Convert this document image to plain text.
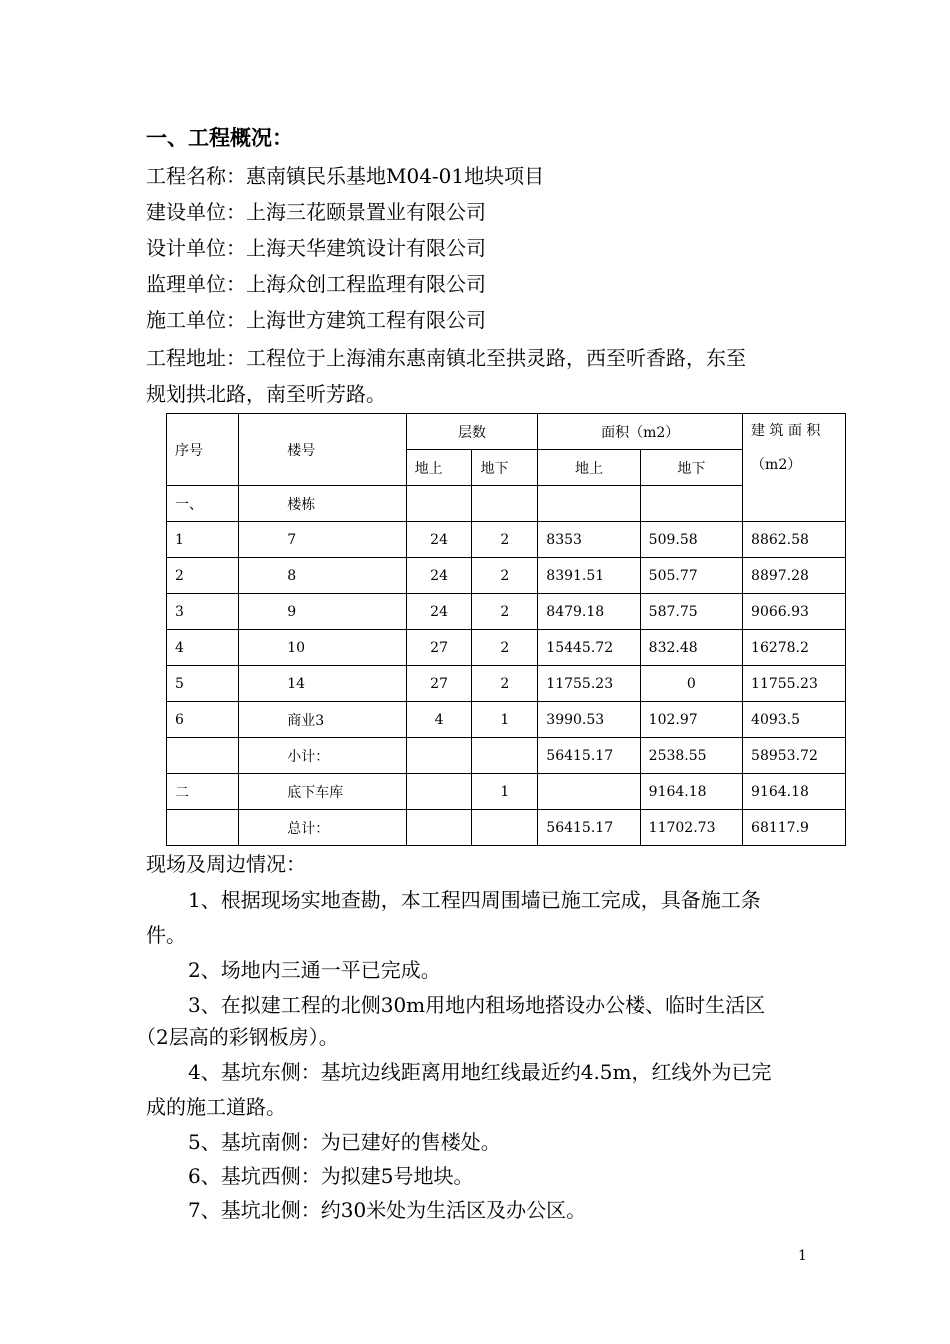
一、工程概况：
工程名称：惠南镇民乐基地M04-01地块项目
建设单位：上海三花颐景置业有限公司
设计单位：上海天华建筑设计有限公司
监理单位：上海众创工程监理有限公司
施工单位：上海世方建筑工程有限公司
工程地址：工程位于上海浦东惠南镇北至拱灵路，西至听香路，东至
规划拱北路，南至听芳路。
序号	楼号	层数		面积（m2）		建 筑 面 积
（m2）

		地上	地下	地上	地下	
一、	楼栋					
1	7	24	2	8353	509.58	8862.58
2	8	24	2	8391.51	505.77	8897.28
3	9	24	2	8479.18	587.75	9066.93
4	10	27	2	15445.72	832.48	16278.2
5	14	27	2	11755.23	0	11755.23
6	商业3	4	1	3990.53	102.97	4093.5
	小计：			56415.17	2538.55	58953.72
二	底下车库		1		9164.18	9164.18
	总计：			56415.17	11702.73	68117.9
现场及周边情况：
1、根据现场实地查勘，本工程四周围墙已施工完成，具备施工条
件。
2、场地内三通一平已完成。
3、在拟建工程的北侧30m用地内租场地搭设办公楼、临时生活区
（2层高的彩钢板房）。
4、基坑东侧：基坑边线距离用地红线最近约4.5m，红线外为已完
成的施工道路。
5、基坑南侧：为已建好的售楼处。
6、基坑西侧：为拟建5号地块。
7、基坑北侧：约30米处为生活区及办公区。
1
